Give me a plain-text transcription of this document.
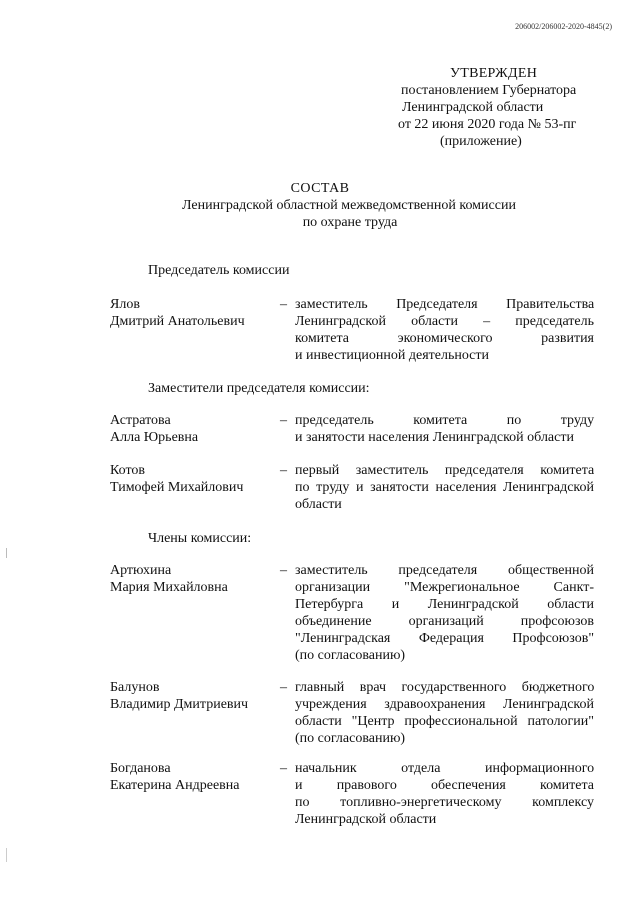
206002/206002-2020-4845(2)
УТВЕРЖДЕН
постановлением Губернатора
Ленинградской области
от 22 июня 2020 года № 53-пг
(приложение)
СОСТАВ
Ленинградской областной межведомственной комиссии
по охране труда
Председатель комиссии
Ялов
Дмитрий Анатольевич
– заместитель Председателя Правительства
Ленинградской области – председатель
комитета экономического развития
и инвестиционной деятельности
Заместители председателя комиссии:
Астратова
Алла Юрьевна
– председатель комитета по труду
и занятости населения Ленинградской области
Котов
Тимофей Михайлович
– первый заместитель председателя комитета
по труду и занятости населения Ленинградской
области
Члены комиссии:
Артюхина
Мария Михайловна
– заместитель председателя общественной
организации "Межрегиональное Санкт-
Петербурга и Ленинградской области
объединение организаций профсоюзов
"Ленинградская Федерация Профсоюзов"
(по согласованию)
Балунов
Владимир Дмитриевич
– главный врач государственного бюджетного
учреждения здравоохранения Ленинградской
области "Центр профессиональной патологии"
(по согласованию)
Богданова
Екатерина Андреевна
– начальник отдела информационного
и правового обеспечения комитета
по топливно-энергетическому комплексу
Ленинградской области
